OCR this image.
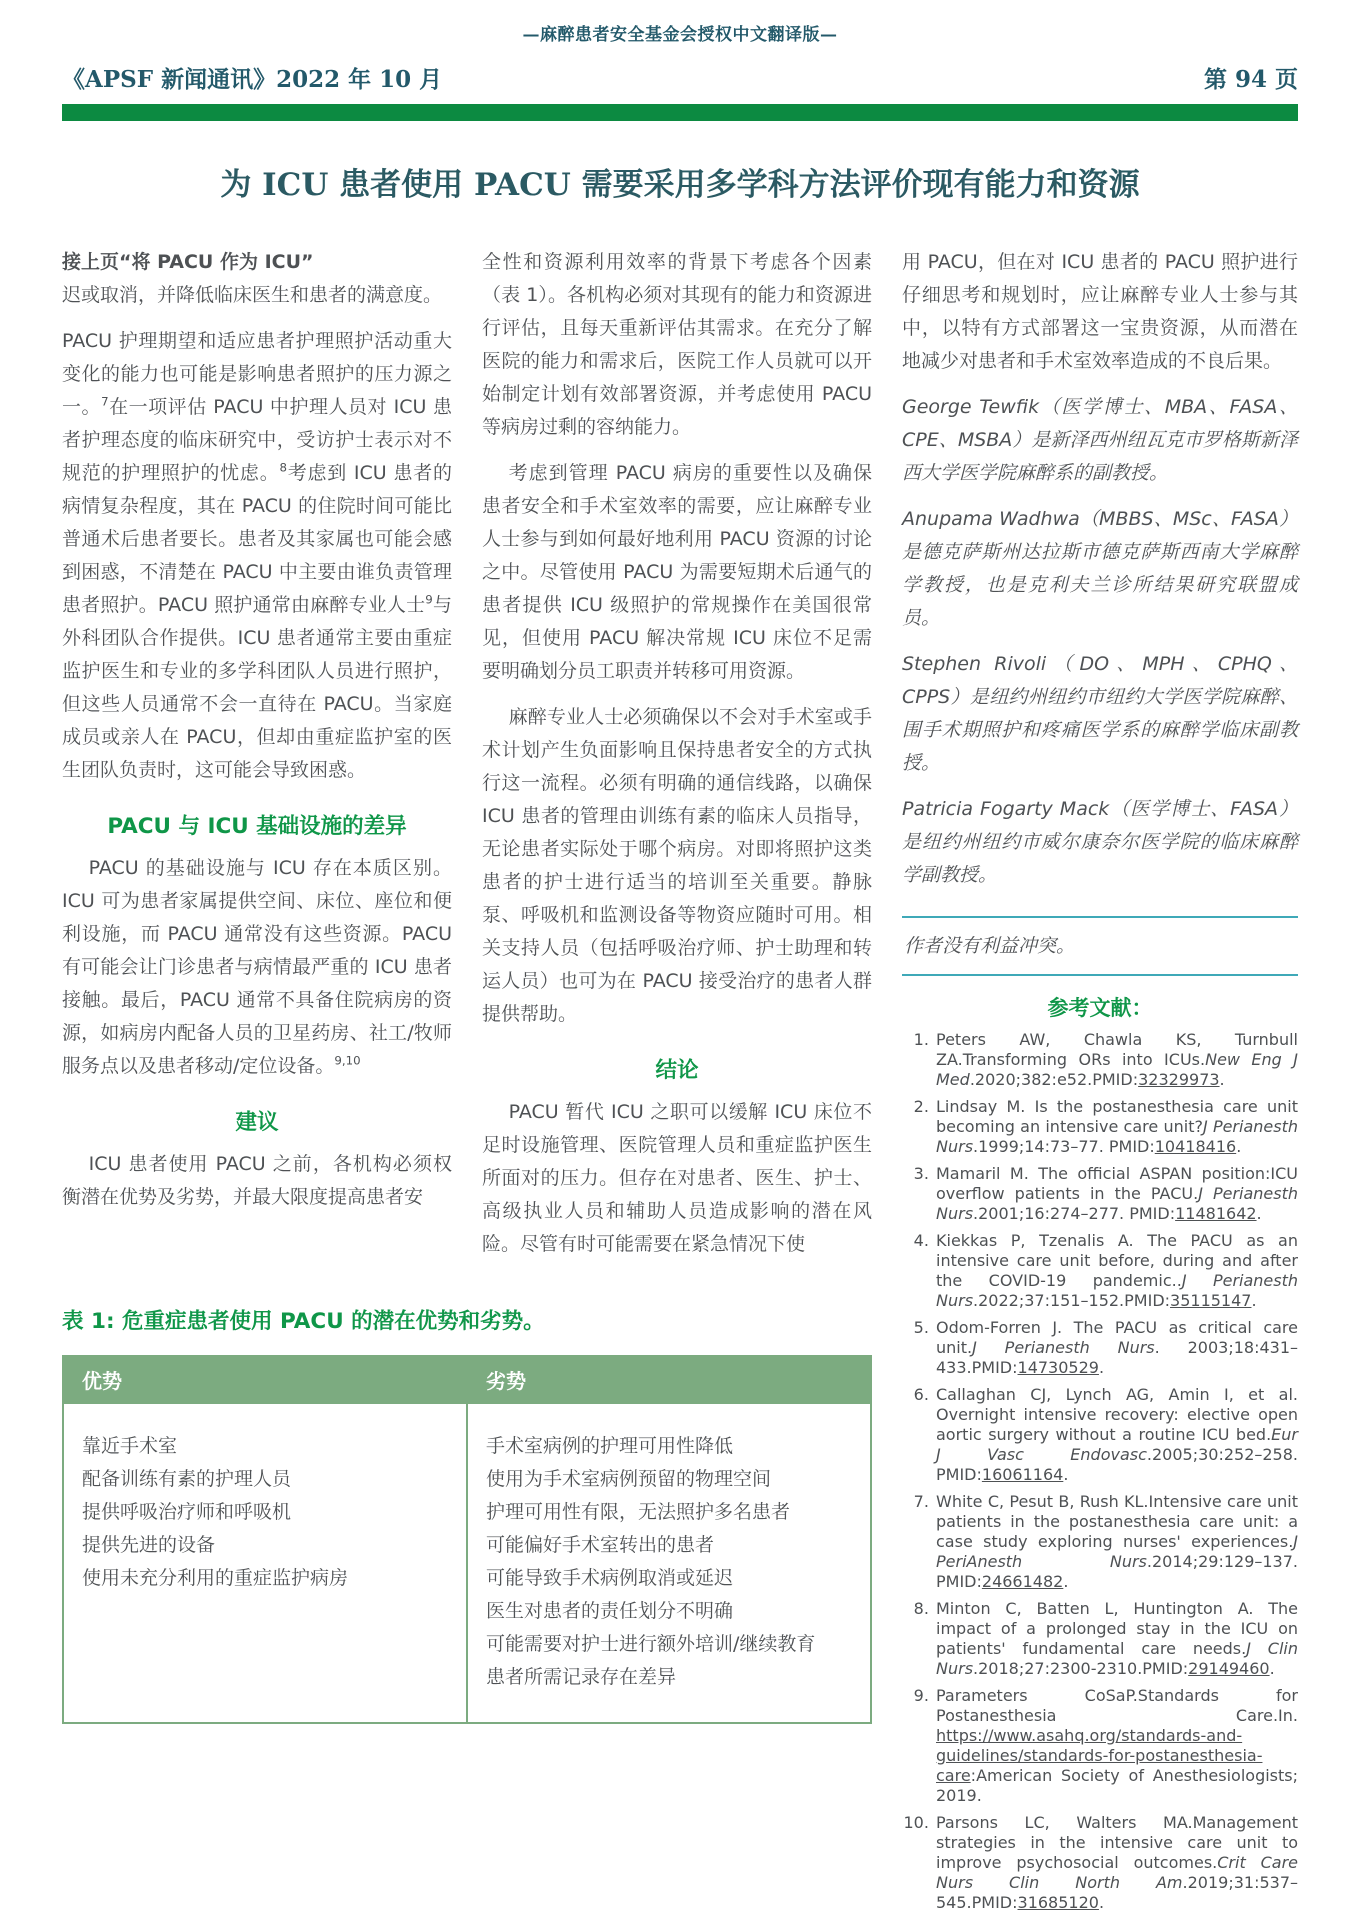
—麻醉患者安全基金会授权中文翻译版—
《APSF 新闻通讯》2022 年 10 月	第 94 页
为 ICU 患者使用 PACU 需要采用多学科方法评价现有能力和资源

接上页“将 PACU 作为 ICU”

迟或取消，并降低临床医生和患者的满意度。

PACU 护理期望和适应患者护理照护活动重大变化的能力也可能是影响患者照护的压力源之一。$^7$在一项评估 PACU 中护理人员对 ICU 患者护理态度的临床研究中，受访护士表示对不规范的护理照护的忧虑。$^8$考虑到 ICU 患者的病情复杂程度，其在 PACU 的住院时间可能比普通术后患者要长。患者及其家属也可能会感到困惑，不清楚在 PACU 中主要由谁负责管理患者照护。PACU 照护通常由麻醉专业人士$^9$与外科团队合作提供。ICU 患者通常主要由重症监护医生和专业的多学科团队人员进行照护，但这些人员通常不会一直待在 PACU。当家庭成员或亲人在 PACU，但却由重症监护室的医生团队负责时，这可能会导致困惑。

PACU 与 ICU 基础设施的差异

PACU 的基础设施与 ICU 存在本质区别。ICU 可为患者家属提供空间、床位、座位和便利设施，而 PACU 通常没有这些资源。PACU 有可能会让门诊患者与病情最严重的 ICU 患者接触。最后，PACU 通常不具备住院病房的资源，如病房内配备人员的卫星药房、社工/牧师服务点以及患者移动/定位设备。$^{9,10}$

建议

ICU 患者使用 PACU 之前，各机构必须权衡潜在优势及劣势，并最大限度提高患者安

全性和资源利用效率的背景下考虑各个因素（表 1）。各机构必须对其现有的能力和资源进行评估，且每天重新评估其需求。在充分了解医院的能力和需求后，医院工作人员就可以开始制定计划有效部署资源，并考虑使用 PACU 等病房过剩的容纳能力。

考虑到管理 PACU 病房的重要性以及确保患者安全和手术室效率的需要，应让麻醉专业人士参与到如何最好地利用 PACU 资源的讨论之中。尽管使用 PACU 为需要短期术后通气的患者提供 ICU 级照护的常规操作在美国很常见，但使用 PACU 解决常规 ICU 床位不足需要明确划分员工职责并转移可用资源。

麻醉专业人士必须确保以不会对手术室或手术计划产生负面影响且保持患者安全的方式执行这一流程。必须有明确的通信线路，以确保 ICU 患者的管理由训练有素的临床人员指导，无论患者实际处于哪个病房。对即将照护这类患者的护士进行适当的培训至关重要。静脉泵、呼吸机和监测设备等物资应随时可用。相关支持人员（包括呼吸治疗师、护士助理和转运人员）也可为在 PACU 接受治疗的患者人群提供帮助。

结论

PACU 暂代 ICU 之职可以缓解 ICU 床位不足时设施管理、医院管理人员和重症监护医生所面对的压力。但存在对患者、医生、护士、高级执业人员和辅助人员造成影响的潜在风险。尽管有时可能需要在紧急情况下使

表 1: 危重症患者使用 PACU 的潜在优势和劣势。
优势	劣势

靠近手术室
配备训练有素的护理人员
提供呼吸治疗师和呼吸机
提供先进的设备
使用未充分利用的重症监护病房

手术室病例的护理可用性降低
使用为手术室病例预留的物理空间
护理可用性有限，无法照护多名患者
可能偏好手术室转出的患者
可能导致手术病例取消或延迟
医生对患者的责任划分不明确
可能需要对护士进行额外培训/继续教育
患者所需记录存在差异

用 PACU，但在对 ICU 患者的 PACU 照护进行仔细思考和规划时，应让麻醉专业人士参与其中，以特有方式部署这一宝贵资源，从而潜在地减少对患者和手术室效率造成的不良后果。

George Tewfik（医学博士、MBA、FASA、CPE、MSBA）是新泽西州纽瓦克市罗格斯新泽西大学医学院麻醉系的副教授。

Anupama Wadhwa（MBBS、MSc、FASA）是德克萨斯州达拉斯市德克萨斯西南大学麻醉学教授，也是克利夫兰诊所结果研究联盟成员。

Stephen Rivoli（DO、MPH、CPHQ、CPPS）是纽约州纽约市纽约大学医学院麻醉、围手术期照护和疼痛医学系的麻醉学临床副教授。

Patricia Fogarty Mack（医学博士、FASA）是纽约州纽约市威尔康奈尔医学院的临床麻醉学副教授。

作者没有利益冲突。
参考文献：
1. Peters AW, Chawla KS, Turnbull ZA.Transforming ORs into ICUs.New Eng J Med.2020;382:e52.PMID:32329973.
2. Lindsay M. Is the postanesthesia care unit becoming an intensive care unit?J Perianesth Nurs.1999;14:73–77. PMID:10418416.
3. Mamaril M. The official ASPAN position:ICU overflow patients in the PACU.J Perianesth Nurs.2001;16:274–277. PMID:11481642.
4. Kiekkas P, Tzenalis A. The PACU as an intensive care unit before, during and after the COVID-19 pandemic..J Perianesth Nurs.2022;37:151–152.PMID:35115147.
5. Odom-Forren J. The PACU as critical care unit.J Perianesth Nurs. 2003;18:431–433.PMID:14730529.
6. Callaghan CJ, Lynch AG, Amin I, et al. Overnight intensive recovery: elective open aortic surgery without a routine ICU bed.Eur J Vasc Endovasc.2005;30:252–258. PMID:16061164.
7. White C, Pesut B, Rush KL.Intensive care unit patients in the postanesthesia care unit: a case study exploring nurses' experiences.J PeriAnesth Nurs.2014;29:129–137. PMID:24661482.
8. Minton C, Batten L, Huntington A. The impact of a prolonged stay in the ICU on patients' fundamental care needs.J Clin Nurs.2018;27:2300-2310.PMID:29149460.
9. Parameters CoSaP.Standards for Postanesthesia Care.In. https://www.asahq.org/standards-and-guidelines/standards-for-postanesthesia-care:American Society of Anesthesiologists; 2019.
10. Parsons LC, Walters MA.Management strategies in the intensive care unit to improve psychosocial outcomes.Crit Care Nurs Clin North Am.2019;31:537–545.PMID:31685120.
